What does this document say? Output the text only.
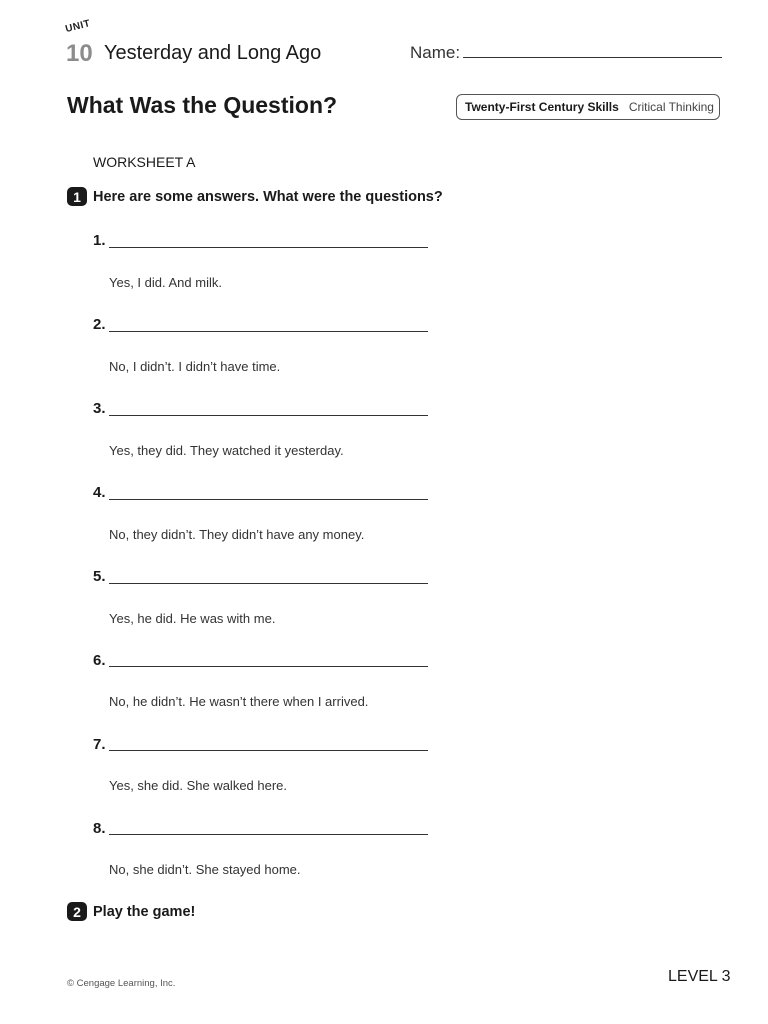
UNIT
10 Yesterday and Long Ago	Name:
What Was the Question?	Twenty-First Century Skills Critical Thinking
WORKSHEET A
1 Here are some answers. What were the questions?
1.
Yes, I did. And milk.
2.
No, I didn’t. I didn’t have time.
3.
Yes, they did. They watched it yesterday.
4.
No, they didn’t. They didn’t have any money.
5.
Yes, he did. He was with me.
6.
No, he didn’t. He wasn’t there when I arrived.
7.
Yes, she did. She walked here.
8.
No, she didn’t. She stayed home.
2 Play the game!
© Cengage Learning, Inc.	LEVEL 3
